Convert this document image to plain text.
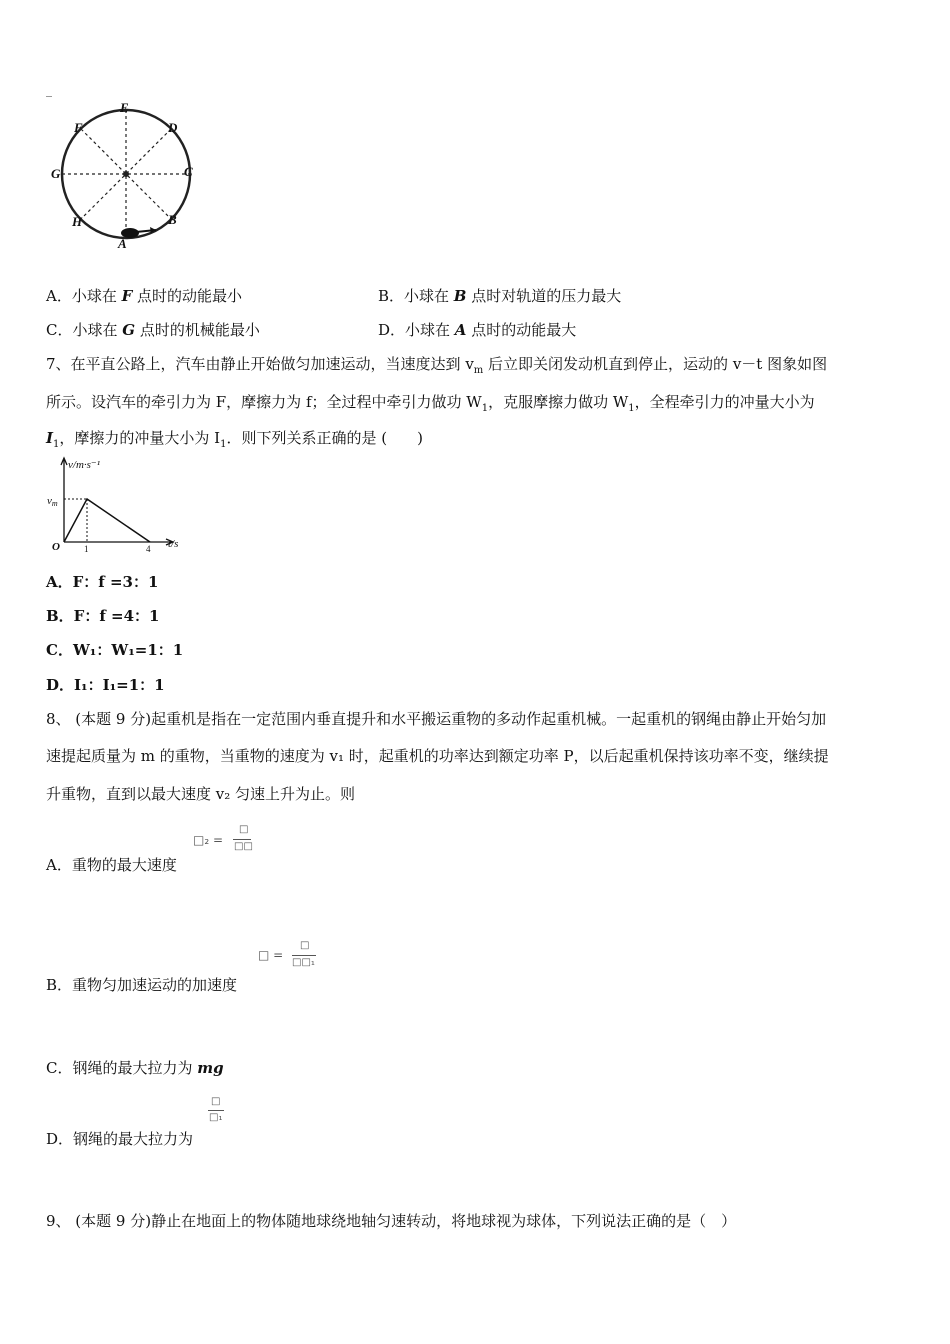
E
D
F
G	C
H	B
A
A．小球在 F 点时的动能最小	B．小球在 B 点时对轨道的压力最大
C．小球在 G 点时的机械能最小	D．小球在 A 点时的动能最大
7、在平直公路上，汽车由静止开始做匀加速运动，当速度达到 $v_m$ 后立即关闭发动机直到停止，运动的 v－t 图象如图
所示。设汽车的牵引力为 F，摩擦力为 f；全过程中牵引力做功 $W_1$，克服摩擦力做功 $W_1$，全程牵引力的冲量大小为
$I_1$，摩擦力的冲量大小为 $I_1$．则下列关系正确的是 (　　)
v/m·s⁻¹
vm
O	1	4 t/s
A．F：f =3：1
B．F：f =4：1
C．W₁：W₁=1：1
D．I₁：I₁=1：1
8、 (本题 9 分)起重机是指在一定范围内垂直提升和水平搬运重物的多动作起重机械。一起重机的钢绳由静止开始匀加
速提起质量为 m 的重物，当重物的速度为 v₁ 时，起重机的功率达到额定功率 P，以后起重机保持该功率不变，继续提
升重物，直到以最大速度 v₂ 匀速上升为止。则
□₂ =
□
□□
A．重物的最大速度
□ =
□
□□₁
B．重物匀加速运动的加速度
C．钢绳的最大拉力为 mg
□
□₁
D．钢绳的最大拉力为
9、 (本题 9 分)静止在地面上的物体随地球绕地轴匀速转动，将地球视为球体，下列说法正确的是（　）
